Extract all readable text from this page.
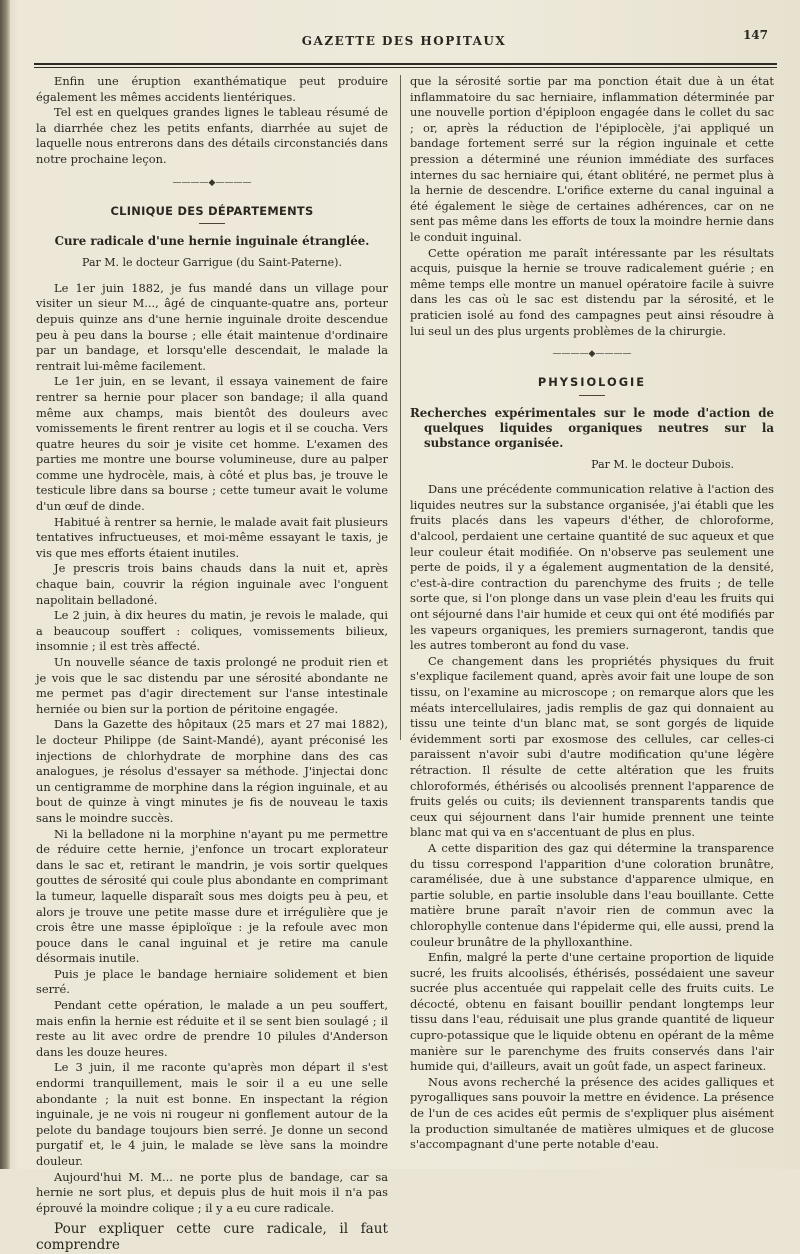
GAZETTE DES HOPITAUX	147

Enfin une éruption exanthématique peut produire également les mêmes accidents lientériques.

Tel est en quelques grandes lignes le tableau résumé de la diarrhée chez les petits enfants, diarrhée au sujet de laquelle nous entrerons dans des détails circonstanciés dans notre prochaine leçon.

————◆————
CLINIQUE DES DÉPARTEMENTS
Cure radicale d'une hernie inguinale étranglée.
Par M. le docteur Garrigue (du Saint-Paterne).

Le 1er juin 1882, je fus mandé dans un village pour visiter un sieur M..., âgé de cinquante-quatre ans, porteur depuis quinze ans d'une hernie inguinale droite descendue peu à peu dans la bourse ; elle était maintenue d'ordinaire par un bandage, et lorsqu'elle descendait, le malade la rentrait lui-même facilement.

Le 1er juin, en se levant, il essaya vainement de faire rentrer sa hernie pour placer son bandage; il alla quand même aux champs, mais bientôt des douleurs avec vomissements le firent rentrer au logis et il se coucha. Vers quatre heures du soir je visite cet homme. L'examen des parties me montre une bourse volumineuse, dure au palper comme une hydrocèle, mais, à côté et plus bas, je trouve le testicule libre dans sa bourse ; cette tumeur avait le volume d'un œuf de dinde.

Habitué à rentrer sa hernie, le malade avait fait plusieurs tentatives infructueuses, et moi-même essayant le taxis, je vis que mes efforts étaient inutiles.

Je prescris trois bains chauds dans la nuit et, après chaque bain, couvrir la région inguinale avec l'onguent napolitain belladoné.

Le 2 juin, à dix heures du matin, je revois le malade, qui a beaucoup souffert : coliques, vomissements bilieux, insomnie ; il est très affecté.

Un nouvelle séance de taxis prolongé ne produit rien et je vois que le sac distendu par une sérosité abondante ne me permet pas d'agir directement sur l'anse intestinale herniée ou bien sur la portion de péritoine engagée.

Dans la Gazette des hôpitaux (25 mars et 27 mai 1882), le docteur Philippe (de Saint-Mandé), ayant préconisé les injections de chlorhydrate de morphine dans des cas analogues, je résolus d'essayer sa méthode. J'injectai donc un centigramme de morphine dans la région inguinale, et au bout de quinze à vingt minutes je fis de nouveau le taxis sans le moindre succès.

Ni la belladone ni la morphine n'ayant pu me permettre de réduire cette hernie, j'enfonce un trocart explorateur dans le sac et, retirant le mandrin, je vois sortir quelques gouttes de sérosité qui coule plus abondante en comprimant la tumeur, laquelle disparaît sous mes doigts peu à peu, et alors je trouve une petite masse dure et irrégulière que je crois être une masse épiploïque : je la refoule avec mon pouce dans le canal inguinal et je retire ma canule désormais inutile.

Puis je place le bandage herniaire solidement et bien serré.

Pendant cette opération, le malade a un peu souffert, mais enfin la hernie est réduite et il se sent bien soulagé ; il reste au lit avec ordre de prendre 10 pilules d'Anderson dans les douze heures.

Le 3 juin, il me raconte qu'après mon départ il s'est endormi tranquillement, mais le soir il a eu une selle abondante ; la nuit est bonne. En inspectant la région inguinale, je ne vois ni rougeur ni gonflement autour de la pelote du bandage toujours bien serré. Je donne un second purgatif et, le 4 juin, le malade se lève sans la moindre douleur.

Aujourd'hui M. M... ne porte plus de bandage, car sa hernie ne sort plus, et depuis plus de huit mois il n'a pas éprouvé la moindre colique ; il y a eu cure radicale.

Pour expliquer cette cure radicale, il faut comprendre

que la sérosité sortie par ma ponction était due à un état inflammatoire du sac herniaire, inflammation déterminée par une nouvelle portion d'épiploon engagée dans le collet du sac ; or, après la réduction de l'épiplocèle, j'ai appliqué un bandage fortement serré sur la région inguinale et cette pression a déterminé une réunion immédiate des surfaces internes du sac herniaire qui, étant oblitéré, ne permet plus à la hernie de descendre. L'orifice externe du canal inguinal a été également le siège de certaines adhérences, car on ne sent pas même dans les efforts de toux la moindre hernie dans le conduit inguinal.

Cette opération me paraît intéressante par les résultats acquis, puisque la hernie se trouve radicalement guérie ; en même temps elle montre un manuel opératoire facile à suivre dans les cas où le sac est distendu par la sérosité, et le praticien isolé au fond des campagnes peut ainsi résoudre à lui seul un des plus urgents problèmes de la chirurgie.

————◆————
PHYSIOLOGIE
Recherches expérimentales sur le mode d'action de quelques liquides organiques neutres sur la substance organisée.
Par M. le docteur Dubois.

Dans une précédente communication relative à l'action des liquides neutres sur la substance organisée, j'ai établi que les fruits placés dans les vapeurs d'éther, de chloroforme, d'alcool, perdaient une certaine quantité de suc aqueux et que leur couleur était modifiée. On n'observe pas seulement une perte de poids, il y a également augmentation de la densité, c'est-à-dire contraction du parenchyme des fruits ; de telle sorte que, si l'on plonge dans un vase plein d'eau les fruits qui ont séjourné dans l'air humide et ceux qui ont été modifiés par les vapeurs organiques, les premiers surnageront, tandis que les autres tomberont au fond du vase.

Ce changement dans les propriétés physiques du fruit s'explique facilement quand, après avoir fait une loupe de son tissu, on l'examine au microscope ; on remarque alors que les méats intercellulaires, jadis remplis de gaz qui donnaient au tissu une teinte d'un blanc mat, se sont gorgés de liquide évidemment sorti par exosmose des cellules, car celles-ci paraissent n'avoir subi d'autre modification qu'une légère rétraction. Il résulte de cette altération que les fruits chloroformés, éthérisés ou alcoolisés prennent l'apparence de fruits gelés ou cuits; ils deviennent transparents tandis que ceux qui séjournent dans l'air humide prennent une teinte blanc mat qui va en s'accentuant de plus en plus.

A cette disparition des gaz qui détermine la transparence du tissu correspond l'apparition d'une coloration brunâtre, caramélisée, due à une substance d'apparence ulmique, en partie soluble, en partie insoluble dans l'eau bouillante. Cette matière brune paraît n'avoir rien de commun avec la chlorophylle contenue dans l'épiderme qui, elle aussi, prend la couleur brunâtre de la phylloxanthine.

Enfin, malgré la perte d'une certaine proportion de liquide sucré, les fruits alcoolisés, éthérisés, possédaient une saveur sucrée plus accentuée qui rappelait celle des fruits cuits. Le décocté, obtenu en faisant bouillir pendant longtemps leur tissu dans l'eau, réduisait une plus grande quantité de liqueur cupro-potassique que le liquide obtenu en opérant de la même manière sur le parenchyme des fruits conservés dans l'air humide qui, d'ailleurs, avait un goût fade, un aspect farineux.

Nous avons recherché la présence des acides galliques et pyrogalliques sans pouvoir la mettre en évidence. La présence de l'un de ces acides eût permis de s'expliquer plus aisément la production simultanée de matières ulmiques et de glucose s'accompagnant d'une perte notable d'eau.
